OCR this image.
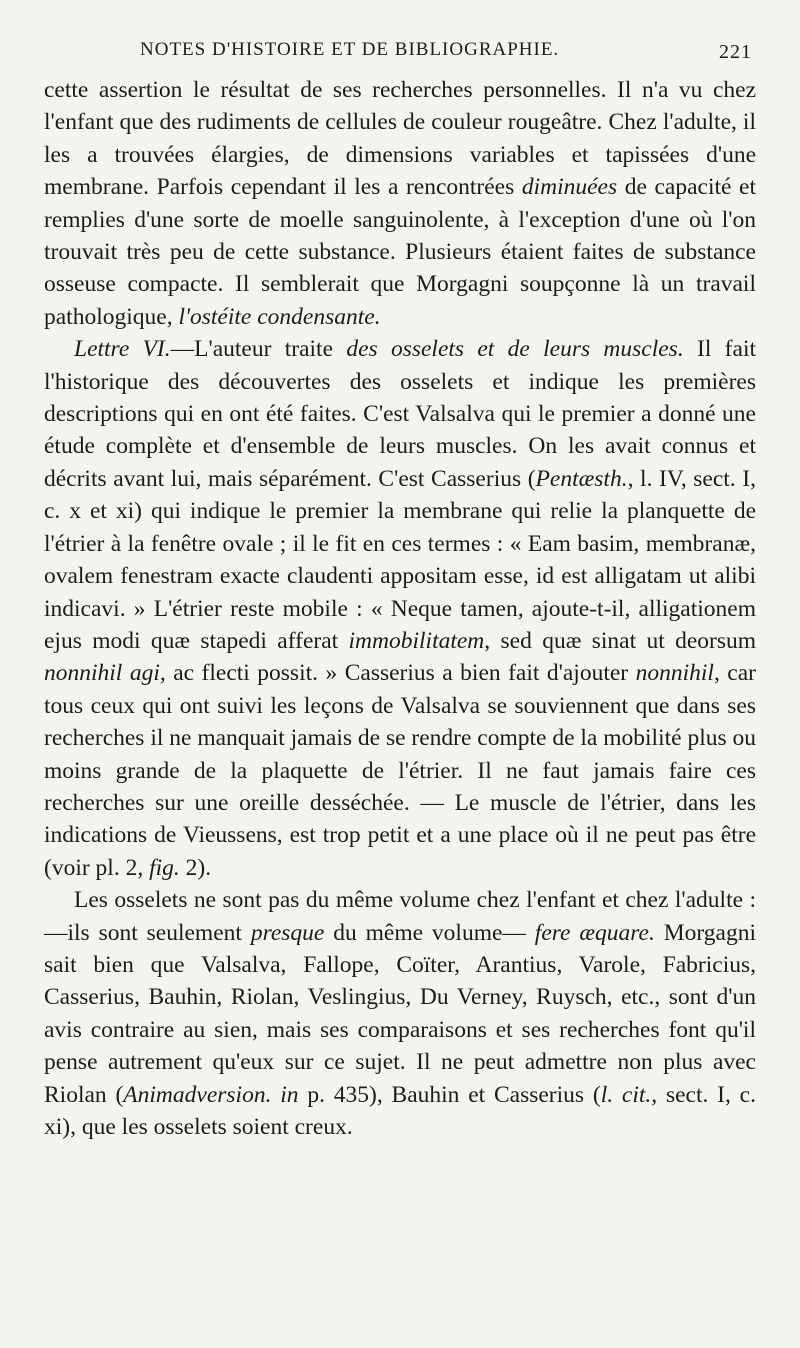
NOTES D'HISTOIRE ET DE BIBLIOGRAPHIE.	221

cette assertion le résultat de ses recherches personnelles. Il n'a vu chez l'enfant que des rudiments de cellules de couleur rougeâtre. Chez l'adulte, il les a trouvées élargies, de dimensions variables et tapissées d'une membrane. Parfois cependant il les a rencontrées diminuées de capacité et remplies d'une sorte de moelle sanguinolente, à l'exception d'une où l'on trouvait très peu de cette substance. Plusieurs étaient faites de substance osseuse compacte. Il semblerait que Morgagni soupçonne là un travail pathologique, l'ostéite condensante.

Lettre VI.—L'auteur traite des osselets et de leurs muscles. Il fait l'historique des découvertes des osselets et indique les premières descriptions qui en ont été faites. C'est Valsalva qui le premier a donné une étude complète et d'ensemble de leurs muscles. On les avait connus et décrits avant lui, mais séparément. C'est Casserius (Pentæsth., l. IV, sect. I, c. x et xi) qui indique le premier la membrane qui relie la planquette de l'étrier à la fenêtre ovale ; il le fit en ces termes : « Eam basim, membranæ, ovalem fenestram exacte claudenti appositam esse, id est alligatam ut alibi indicavi. » L'étrier reste mobile : « Neque tamen, ajoute-t-il, alligationem ejus modi quæ stapedi afferat immobilitatem, sed quæ sinat ut deorsum nonnihil agi, ac flecti possit. » Casserius a bien fait d'ajouter nonnihil, car tous ceux qui ont suivi les leçons de Valsalva se souviennent que dans ses recherches il ne manquait jamais de se rendre compte de la mobilité plus ou moins grande de la plaquette de l'étrier. Il ne faut jamais faire ces recherches sur une oreille desséchée. — Le muscle de l'étrier, dans les indications de Vieussens, est trop petit et a une place où il ne peut pas être (voir pl. 2, fig. 2).

Les osselets ne sont pas du même volume chez l'enfant et chez l'adulte : —ils sont seulement presque du même volume— fere æquare. Morgagni sait bien que Valsalva, Fallope, Coïter, Arantius, Varole, Fabricius, Casserius, Bauhin, Riolan, Veslingius, Du Verney, Ruysch, etc., sont d'un avis contraire au sien, mais ses comparaisons et ses recherches font qu'il pense autrement qu'eux sur ce sujet. Il ne peut admettre non plus avec Riolan (Animadversion. in p. 435), Bauhin et Casserius (l. cit., sect. I, c. xi), que les osselets soient creux.
